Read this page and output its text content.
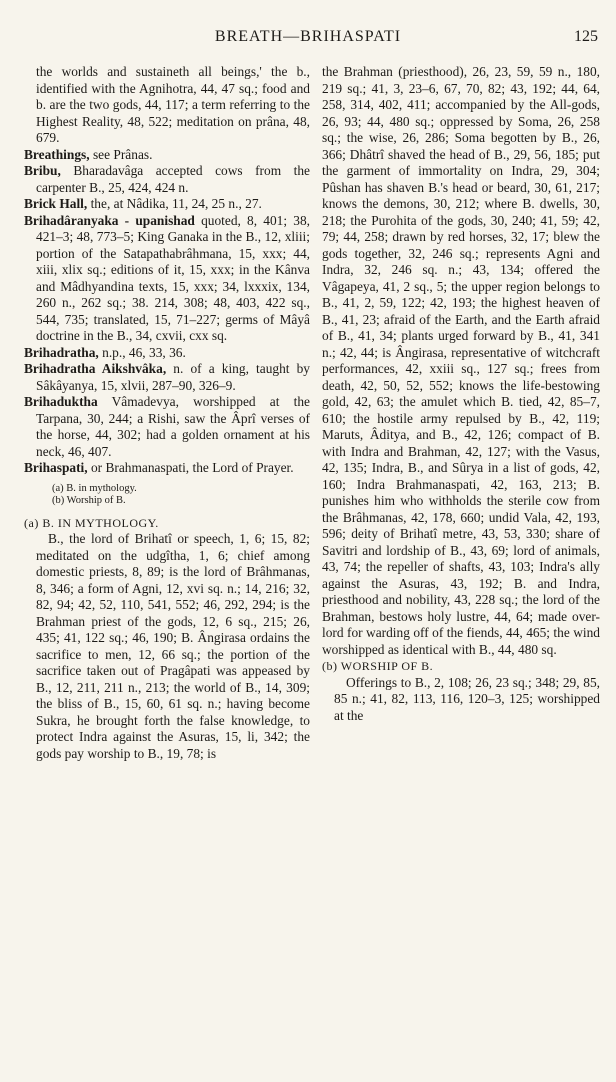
BREATH—BRIHASPATI	125

the worlds and sustaineth all beings,' the b., identified with the Agnihotra, 44, 47 sq.; food and b. are the two gods, 44, 117; a term referring to the Highest Reality, 48, 522; meditation on prâna, 48, 679.

Breathings, see Prânas.

Bribu, Bharadavâga accepted cows from the carpenter B., 25, 424, 424 n.

Brick Hall, the, at Nâdika, 11, 24, 25 n., 27.

Brihadâranyaka - upanishad quoted, 8, 401; 38, 421–3; 48, 773–5; King Ganaka in the B., 12, xliii; portion of the Satapathabrâhmana, 15, xxx; 44, xiii, xlix sq.; editions of it, 15, xxx; in the Kânva and Mâdhyandina texts, 15, xxx; 34, lxxxix, 134, 260 n., 262 sq.; 38. 214, 308; 48, 403, 422 sq., 544, 735; translated, 15, 71–227; germs of Mâyâ doctrine in the B., 34, cxvii, cxx sq.

Brihadratha, n.p., 46, 33, 36.

Brihadratha Aikshvâka, n. of a king, taught by Sâkâyanya, 15, xlvii, 287–90, 326–9.

Brihaduktha Vâmadevya, worshipped at the Tarpana, 30, 244; a Rishi, saw the Âprî verses of the horse, 44, 302; had a golden ornament at his neck, 46, 407.

Brihaspati, or Brahmanaspati, the Lord of Prayer.

(a) B. in mythology.
(b) Worship of B.

(a) B. IN MYTHOLOGY.

B., the lord of Brihatî or speech, 1, 6; 15, 82; meditated on the udgîtha, 1, 6; chief among domestic priests, 8, 89; is the lord of Brâhmanas, 8, 346; a form of Agni, 12, xvi sq. n.; 14, 216; 32, 82, 94; 42, 52, 110, 541, 552; 46, 292, 294; is the Brahman priest of the gods, 12, 6 sq., 215; 26, 435; 41, 122 sq.; 46, 190; B. Ângirasa ordains the sacrifice to men, 12, 66 sq.; the portion of the sacrifice taken out of Pragâpati was appeased by B., 12, 211, 211 n., 213; the world of B., 14, 309; the bliss of B., 15, 60, 61 sq. n.; having become Sukra, he brought forth the false knowledge, to protect Indra against the Asuras, 15, li, 342; the gods pay worship to B., 19, 78; is

the Brahman (priesthood), 26, 23, 59, 59 n., 180, 219 sq.; 41, 3, 23–6, 67, 70, 82; 43, 192; 44, 64, 258, 314, 402, 411; accompanied by the All-gods, 26, 93; 44, 480 sq.; oppressed by Soma, 26, 258 sq.; the wise, 26, 286; Soma begotten by B., 26, 366; Dhâtrî shaved the head of B., 29, 56, 185; put the garment of immortality on Indra, 29, 304; Pûshan has shaven B.'s head or beard, 30, 61, 217; knows the demons, 30, 212; where B. dwells, 30, 218; the Purohita of the gods, 30, 240; 41, 59; 42, 79; 44, 258; drawn by red horses, 32, 17; blew the gods together, 32, 246 sq.; represents Agni and Indra, 32, 246 sq. n.; 43, 134; offered the Vâgapeya, 41, 2 sq., 5; the upper region belongs to B., 41, 2, 59, 122; 42, 193; the highest heaven of B., 41, 23; afraid of the Earth, and the Earth afraid of B., 41, 34; plants urged forward by B., 41, 341 n.; 42, 44; is Ângirasa, representative of witchcraft performances, 42, xxiii sq., 127 sq.; frees from death, 42, 50, 52, 552; knows the life-bestowing gold, 42, 63; the amulet which B. tied, 42, 85–7, 610; the hostile army repulsed by B., 42, 119; Maruts, Âditya, and B., 42, 126; compact of B. with Indra and Brahman, 42, 127; with the Vasus, 42, 135; Indra, B., and Sûrya in a list of gods, 42, 160; Indra Brahmanaspati, 42, 163, 213; B. punishes him who withholds the sterile cow from the Brâhmanas, 42, 178, 660; undid Vala, 42, 193, 596; deity of Brihatî metre, 43, 53, 330; share of Savitri and lordship of B., 43, 69; lord of animals, 43, 74; the repeller of shafts, 43, 103; Indra's ally against the Asuras, 43, 192; B. and Indra, priesthood and nobility, 43, 228 sq.; the lord of the Brahman, bestows holy lustre, 44, 64; made over-lord for warding off of the fiends, 44, 465; the wind worshipped as identical with B., 44, 480 sq.

(b) WORSHIP OF B.

Offerings to B., 2, 108; 26, 23 sq.; 348; 29, 85, 85 n.; 41, 82, 113, 116, 120–3, 125; worshipped at the
